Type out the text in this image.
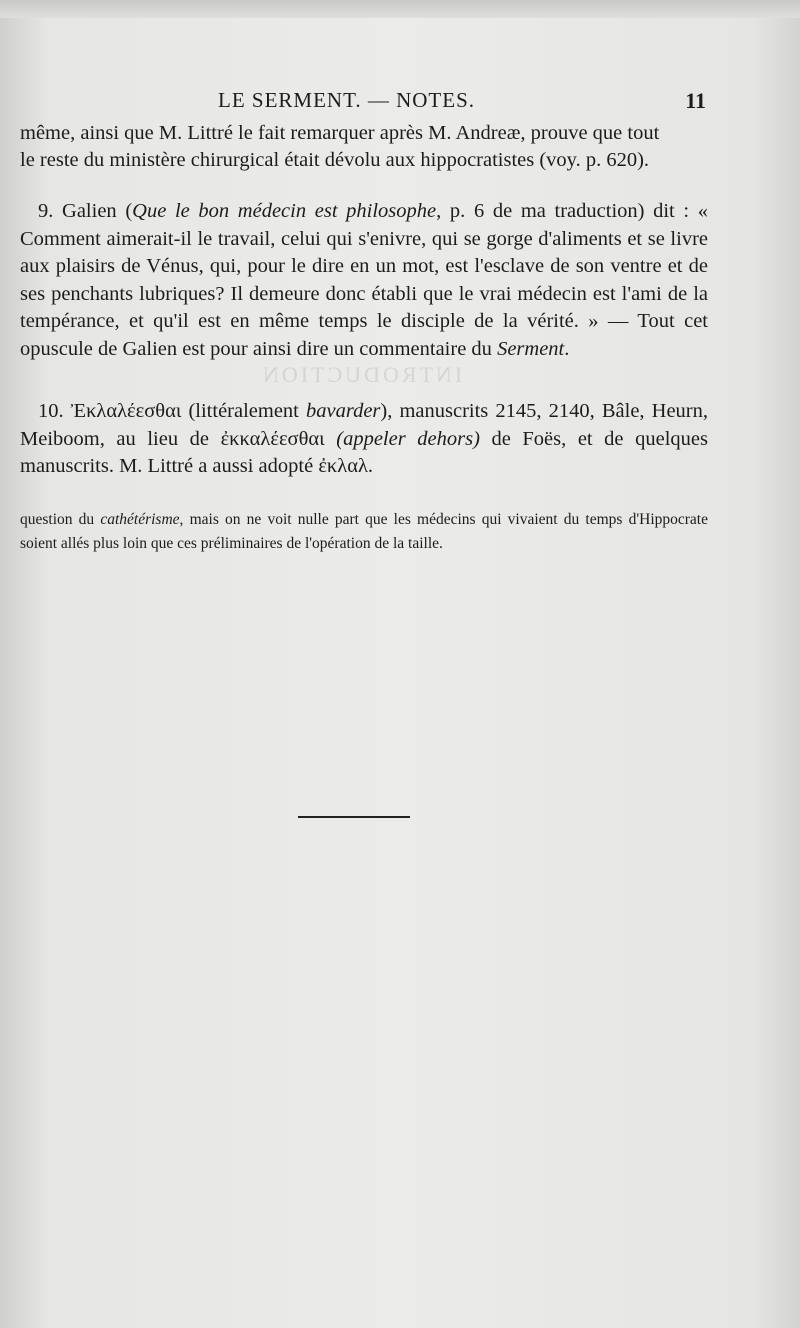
INTRODUCTION

LE SERMENT. — NOTES.	11

même, ainsi que M. Littré le fait remarquer après M. Andreæ, prouve que tout

le reste du ministère chirurgical était dévolu aux hippocratistes (voy. p. 620).

9. Galien (Que le bon médecin est philosophe, p. 6 de ma traduction) dit : « Comment aimerait-il le travail, celui qui s'enivre, qui se gorge d'aliments et se livre aux plaisirs de Vénus, qui, pour le dire en un mot, est l'esclave de son ventre et de ses penchants lubriques? Il demeure donc établi que le vrai médecin est l'ami de la tempérance, et qu'il est en même temps le disciple de la vérité. » — Tout cet opuscule de Galien est pour ainsi dire un commentaire du Serment.
10. Ἐκλαλέεσθαι (littéralement bavarder), manuscrits 2145, 2140, Bâle, Heurn, Meiboom, au lieu de ἐκκαλέεσθαι (appeler dehors) de Foës, et de quelques manuscrits. M. Littré a aussi adopté ἐκλαλ.
question du cathétérisme, mais on ne voit nulle part que les médecins qui vivaient du temps d'Hippocrate soient allés plus loin que ces préliminaires de l'opération de la taille.
